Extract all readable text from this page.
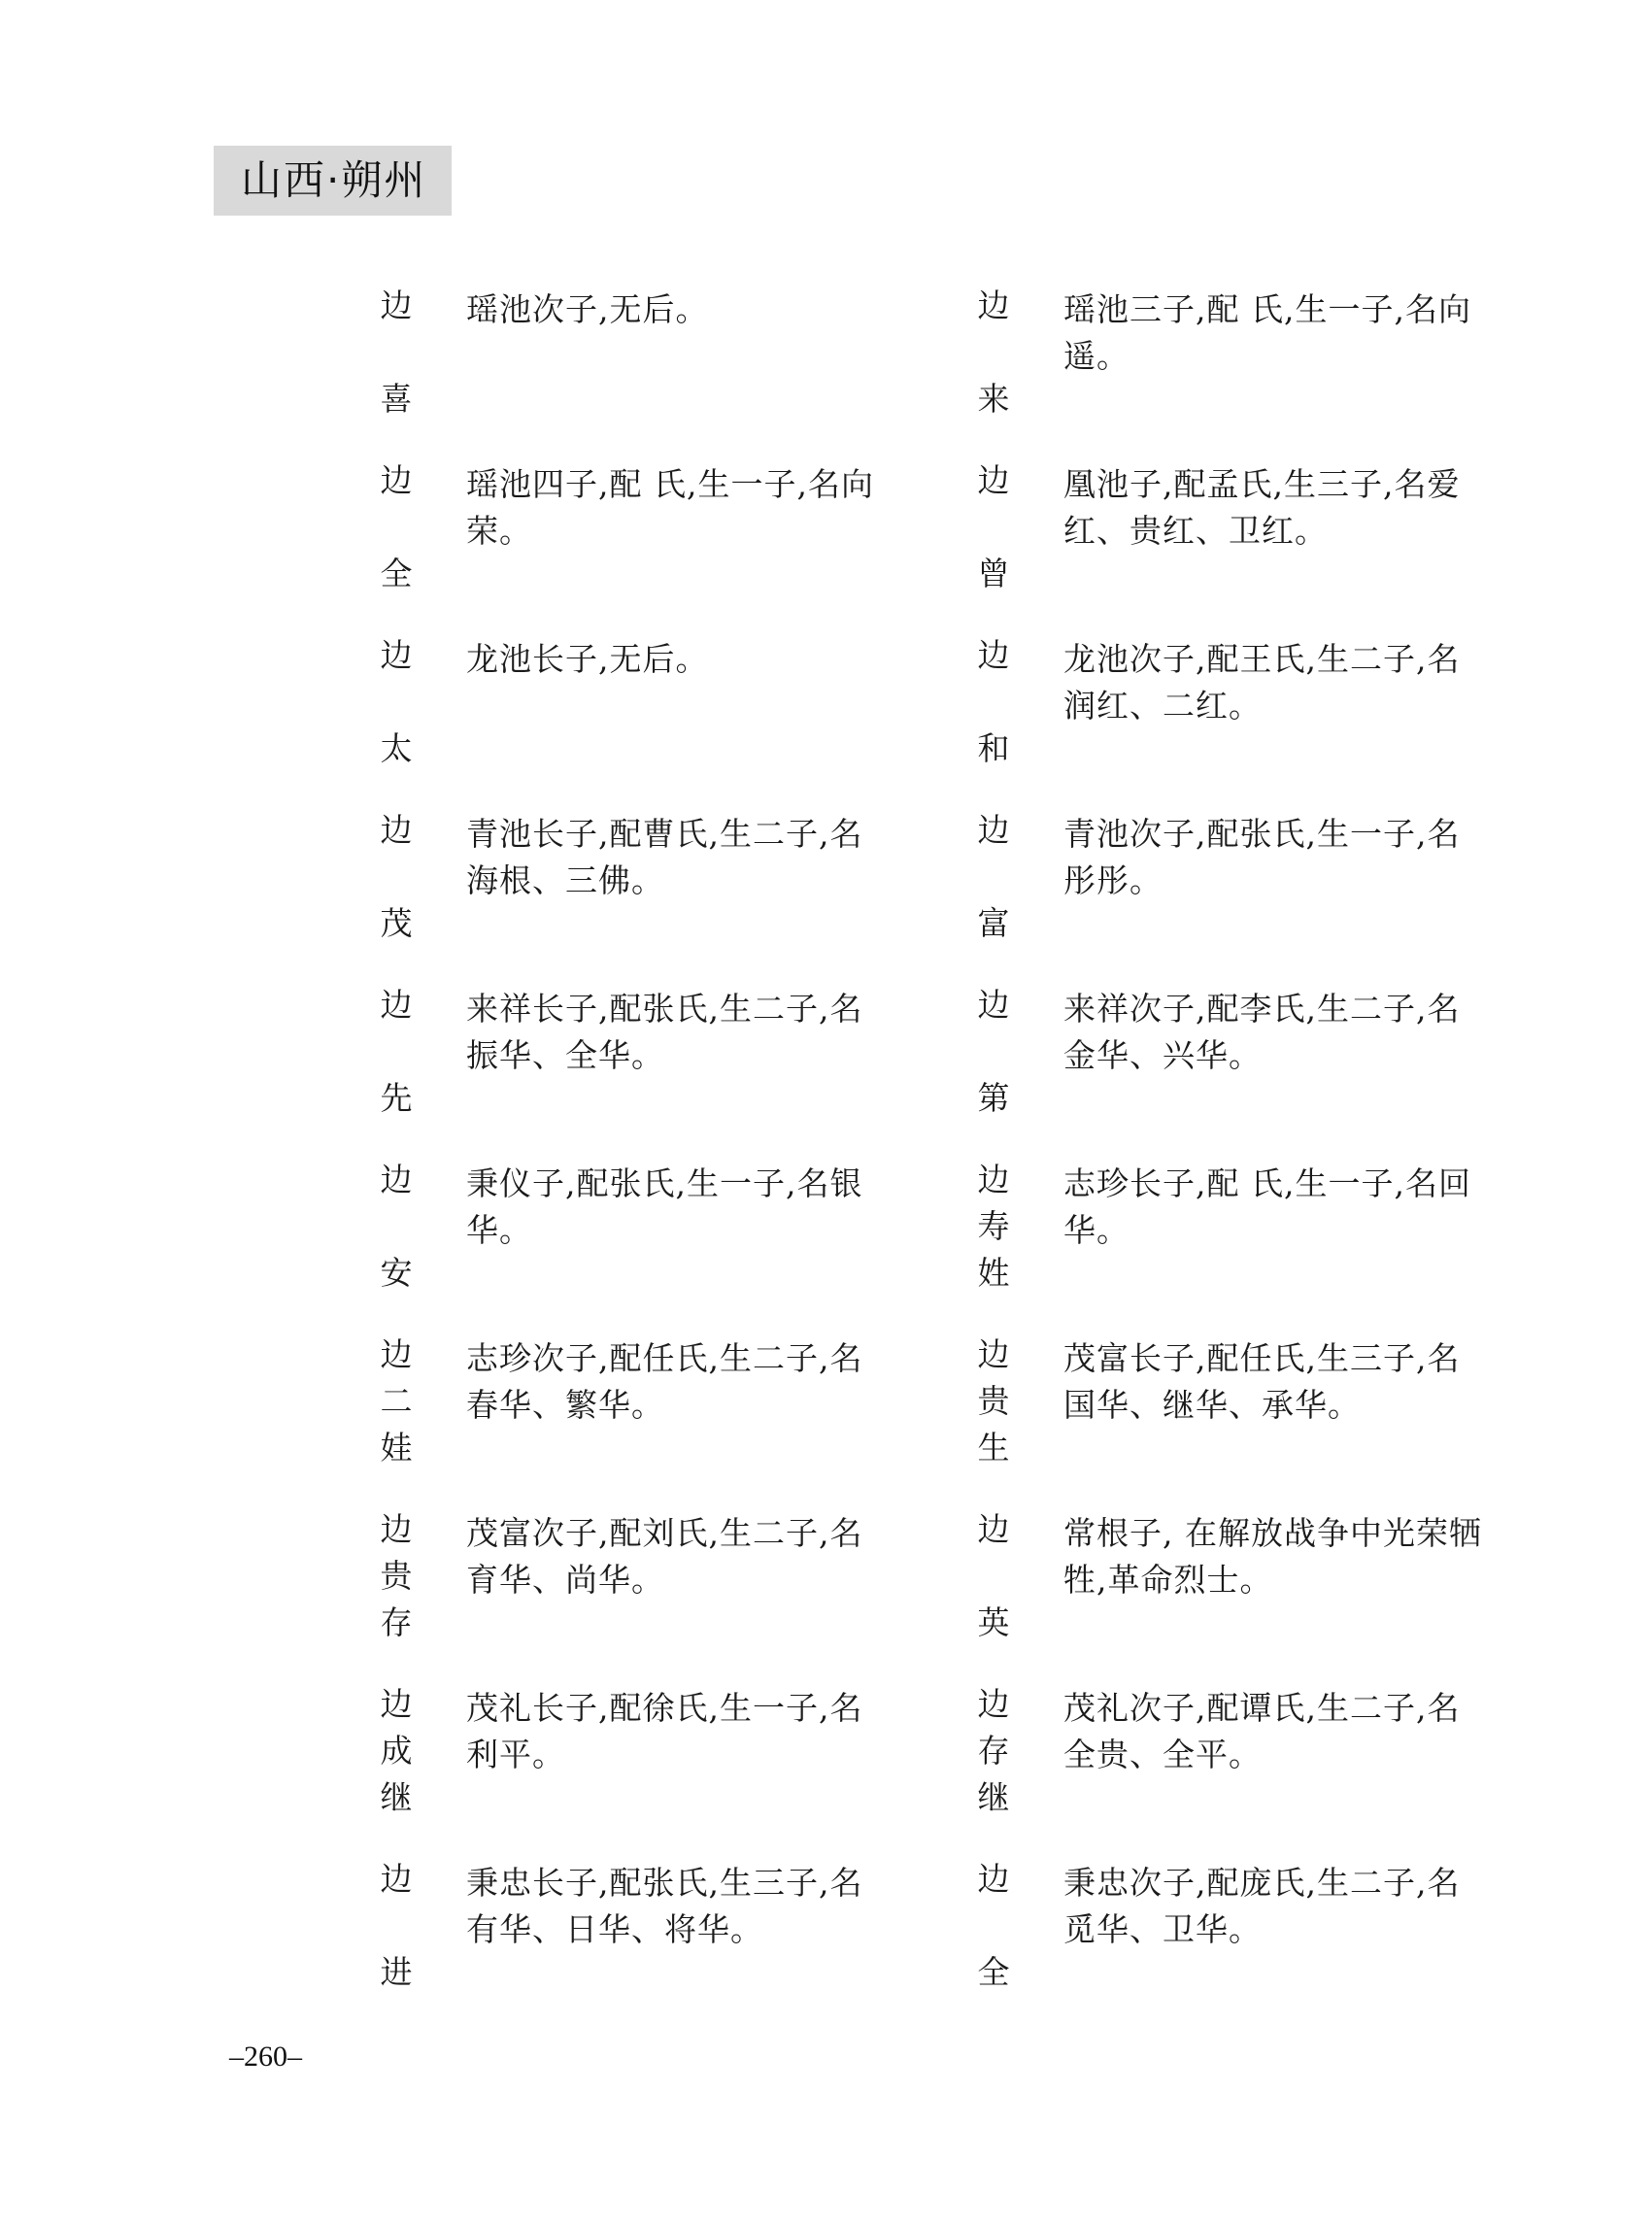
山西·朔州
边
喜
瑶池次子,无后。	边
来
瑶池三子,配 氏,生一子,名向遥。
边
全
瑶池四子,配 氏,生一子,名向荣。
边
曾
凰池子,配孟氏,生三子,名爱红、贵红、卫红。
边
太
龙池长子,无后。	边
和
龙池次子,配王氏,生二子,名润红、二红。
边
茂
青池长子,配曹氏,生二子,名海根、三佛。
边
富
青池次子,配张氏,生一子,名彤彤。
边
先
来祥长子,配张氏,生二子,名振华、全华。
边
第
来祥次子,配李氏,生二子,名金华、兴华。
边
安
秉仪子,配张氏,生一子,名银华。
边
寿
姓
志珍长子,配 氏,生一子,名回华。
边
二
娃
志珍次子,配任氏,生二子,名春华、繁华。
边
贵
生
茂富长子,配任氏,生三子,名国华、继华、承华。
边
贵
存
茂富次子,配刘氏,生二子,名育华、尚华。
边
英
常根子, 在解放战争中光荣牺牲,革命烈士。
边
成
继
茂礼长子,配徐氏,生一子,名利平。
边
存
继
茂礼次子,配谭氏,生二子,名全贵、全平。
边
进
秉忠长子,配张氏,生三子,名有华、日华、将华。
边
全
秉忠次子,配庞氏,生二子,名觅华、卫华。
–260–
